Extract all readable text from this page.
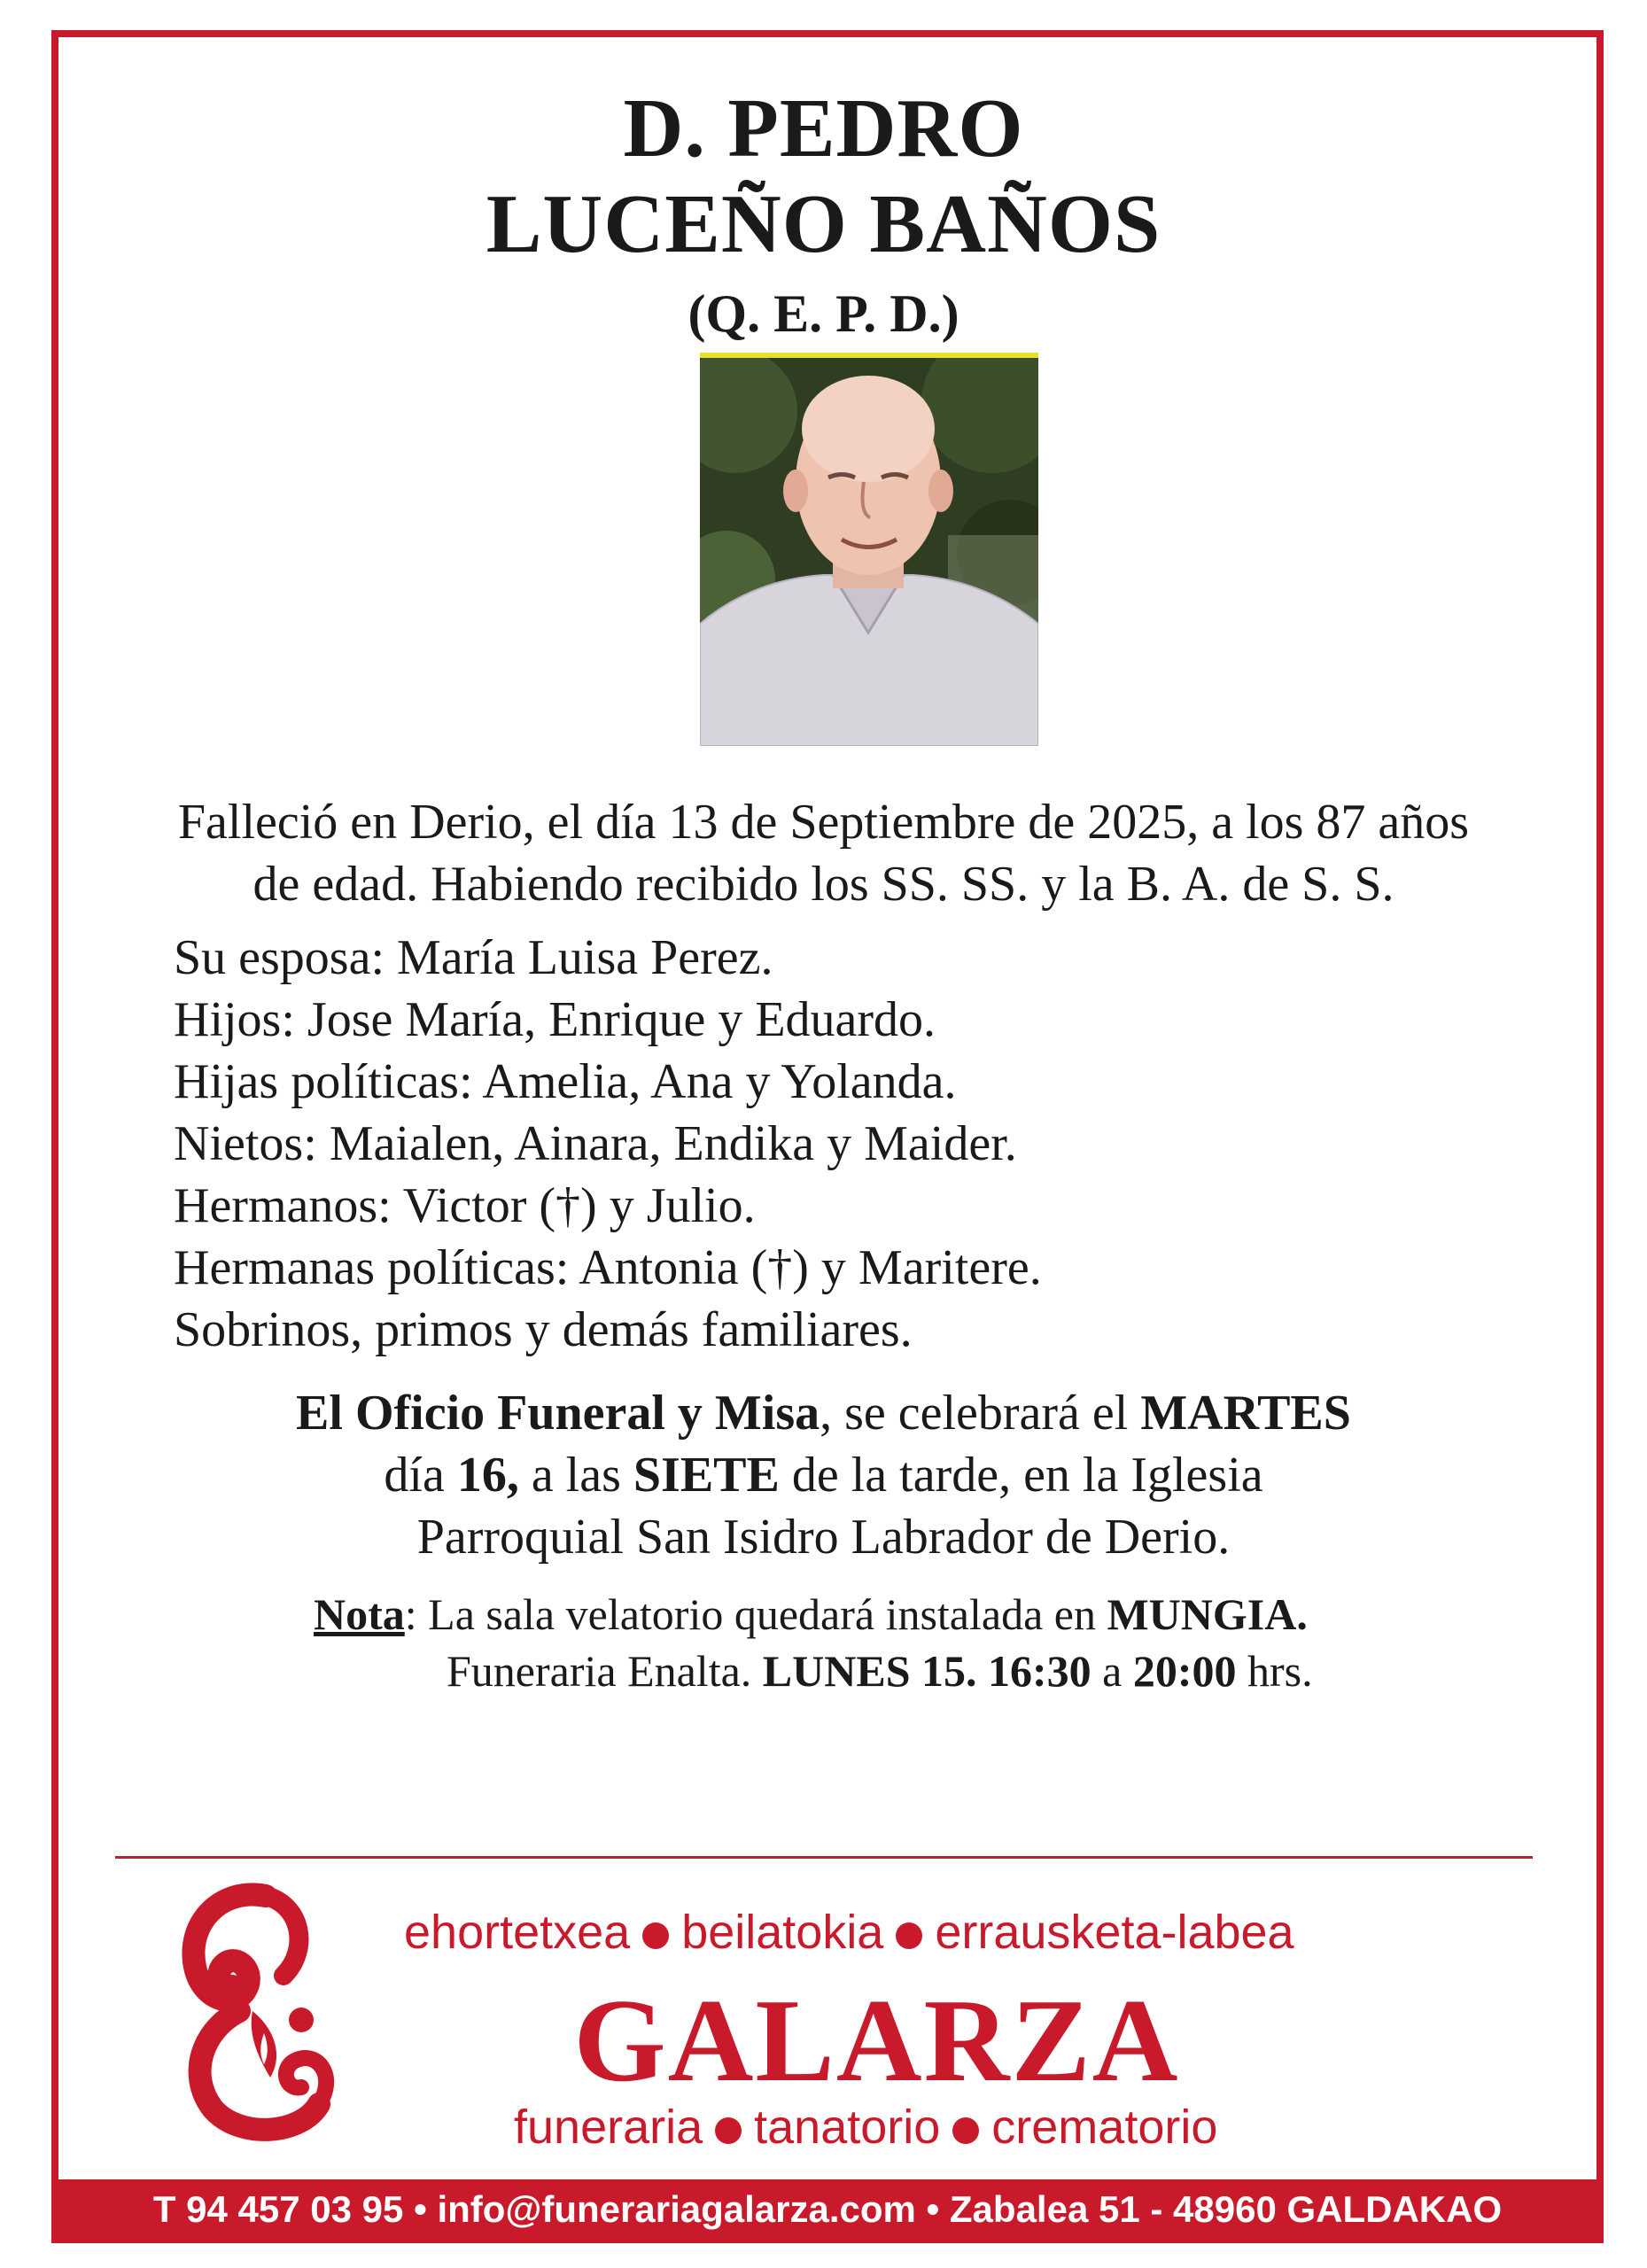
D. PEDRO
LUCEÑO BAÑOS
(Q. E. P. D.)
Falleció en Derio, el día 13 de Septiembre de 2025, a los 87 años
de edad. Habiendo recibido los SS. SS. y la B. A. de S. S.
Su esposa: María Luisa Perez.
Hijos: Jose María, Enrique y Eduardo.
Hijas políticas: Amelia, Ana y Yolanda.
Nietos: Maialen, Ainara, Endika y Maider.
Hermanos: Victor (†) y Julio.
Hermanas políticas: Antonia (†) y Maritere.
Sobrinos, primos y demás familiares.
El Oficio Funeral y Misa, se celebrará el MARTES
día 16, a las SIETE de la tarde, en la Iglesia
Parroquial San Isidro Labrador de Derio.
Nota: La sala velatorio quedará instalada en MUNGIA.
Funeraria Enalta. LUNES 15. 16:30 a 20:00 hrs.
ehortetxea beilatokia errausketa-labea
GALARZA
funeraria tanatorio crematorio
T 94 457 03 95 • info@funerariagalarza.com • Zabalea 51 - 48960 GALDAKAO
